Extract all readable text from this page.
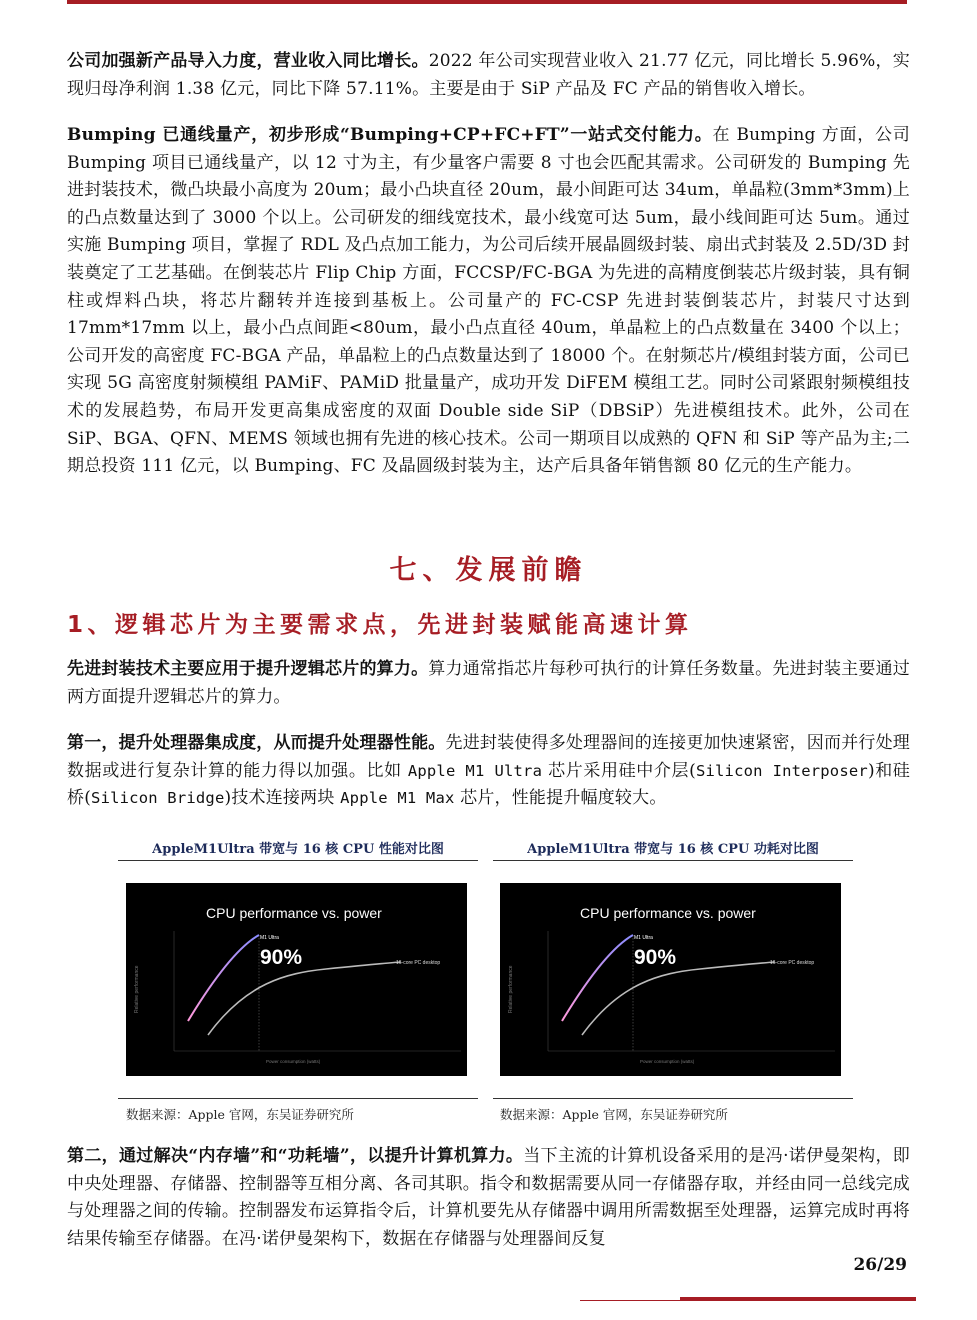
公司加强新产品导入力度，营业收入同比增长。2022 年公司实现营业收入 21.77 亿元，同比增长 5.96%，实现归母净利润 1.38 亿元，同比下降 57.11%。主要是由于 SiP 产品及 FC 产品的销售收入增长。

Bumping 已通线量产，初步形成“Bumping+CP+FC+FT”一站式交付能力。在 Bumping 方面，公司 Bumping 项目已通线量产，以 12 寸为主，有少量客户需要 8 寸也会匹配其需求。公司研发的 Bumping 先进封装技术，微凸块最小高度为 20um；最小凸块直径 20um，最小间距可达 34um，单晶粒(3mm*3mm)上的凸点数量达到了 3000 个以上。公司研发的细线宽技术，最小线宽可达 5um，最小线间距可达 5um。通过实施 Bumping 项目，掌握了 RDL 及凸点加工能力，为公司后续开展晶圆级封装、扇出式封装及 2.5D/3D 封装奠定了工艺基础。在倒装芯片 Flip Chip 方面，FCCSP/FC-BGA 为先进的高精度倒装芯片级封装，具有铜柱或焊料凸块，将芯片翻转并连接到基板上。公司量产的 FC-CSP 先进封装倒装芯片，封装尺寸达到 17mm*17mm 以上，最小凸点间距<80um，最小凸点直径 40um，单晶粒上的凸点数量在 3400 个以上；公司开发的高密度 FC-BGA 产品，单晶粒上的凸点数量达到了 18000 个。在射频芯片/模组封装方面，公司已实现 5G 高密度射频模组 PAMiF、PAMiD 批量量产，成功开发 DiFEM 模组工艺。同时公司紧跟射频模组技术的发展趋势，布局开发更高集成密度的双面 Double side SiP（DBSiP）先进模组技术。此外，公司在 SiP、BGA、QFN、MEMS 领域也拥有先进的核心技术。公司一期项目以成熟的 QFN 和 SiP 等产品为主;二期总投资 111 亿元，以 Bumping、FC 及晶圆级封装为主，达产后具备年销售额 80 亿元的生产能力。

七、发展前瞻
1、逻辑芯片为主要需求点，先进封装赋能高速计算

先进封装技术主要应用于提升逻辑芯片的算力。算力通常指芯片每秒可执行的计算任务数量。先进封装主要通过两方面提升逻辑芯片的算力。

第一，提升处理器集成度，从而提升处理器性能。先进封装使得多处理器间的连接更加快速紧密，因而并行处理数据或进行复杂计算的能力得以加强。比如 Apple M1 Ultra 芯片采用硅中介层(Silicon Interposer)和硅桥(Silicon Bridge)技术连接两块 Apple M1 Max 芯片，性能提升幅度较大。

AppleM1Ultra 带宽与 16 核 CPU 性能对比图
CPU performance vs. power
Relative performance
M1 Ultra
90%	16-core PC desktop
Power consumption (watts)
数据来源：Apple 官网，东吴证券研究所
AppleM1Ultra 带宽与 16 核 CPU 功耗对比图
CPU performance vs. power
Relative performance
M1 Ultra
90%	16-core PC desktop
Power consumption (watts)
数据来源：Apple 官网，东吴证券研究所

第二，通过解决“内存墙”和“功耗墙”，以提升计算机算力。当下主流的计算机设备采用的是冯·诺伊曼架构，即中央处理器、存储器、控制器等互相分离、各司其职。指令和数据需要从同一存储器存取，并经由同一总线完成与处理器之间的传输。控制器发布运算指令后，计算机要先从存储器中调用所需数据至处理器，运算完成时再将结果传输至存储器。在冯·诺伊曼架构下，数据在存储器与处理器间反复

26/29
